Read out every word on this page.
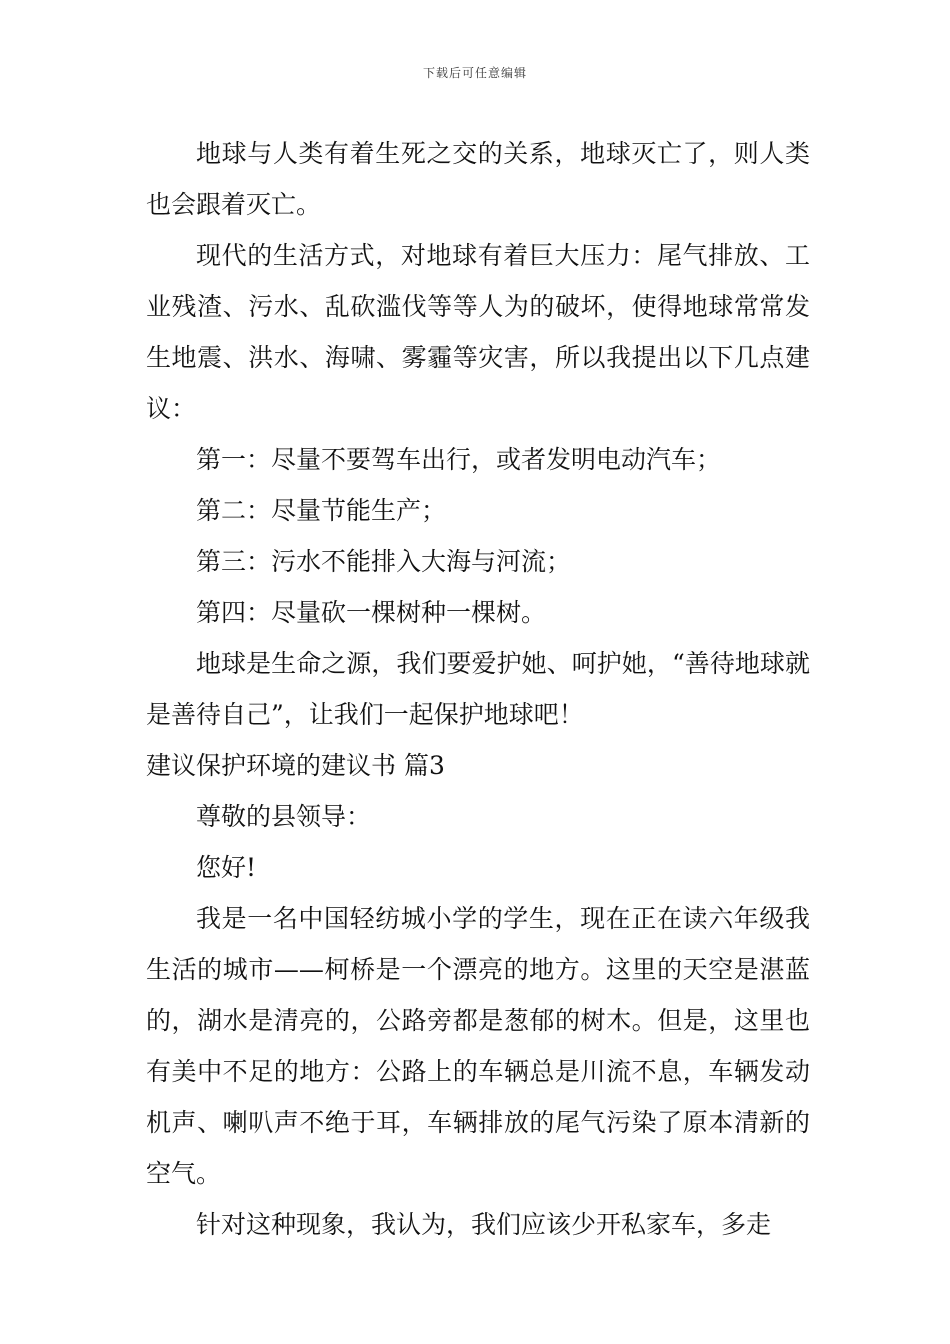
下载后可任意编辑

地球与人类有着生死之交的关系，地球灭亡了，则人类也会跟着灭亡。

现代的生活方式，对地球有着巨大压力：尾气排放、工业残渣、污水、乱砍滥伐等等人为的破坏，使得地球常常发生地震、洪水、海啸、雾霾等灾害，所以我提出以下几点建议：

第一：尽量不要驾车出行，或者发明电动汽车；

第二：尽量节能生产；

第三：污水不能排入大海与河流；

第四：尽量砍一棵树种一棵树。

地球是生命之源，我们要爱护她、呵护她，“善待地球就是善待自己”，让我们一起保护地球吧！

建议保护环境的建议书 篇3

尊敬的县领导：

您好!

我是一名中国轻纺城小学的学生，现在正在读六年级我生活的城市——柯桥是一个漂亮的地方。这里的天空是湛蓝的，湖水是清亮的，公路旁都是葱郁的树木。但是，这里也有美中不足的地方：公路上的车辆总是川流不息，车辆发动机声、喇叭声不绝于耳，车辆排放的尾气污染了原本清新的空气。

针对这种现象，我认为，我们应该少开私家车，多走
